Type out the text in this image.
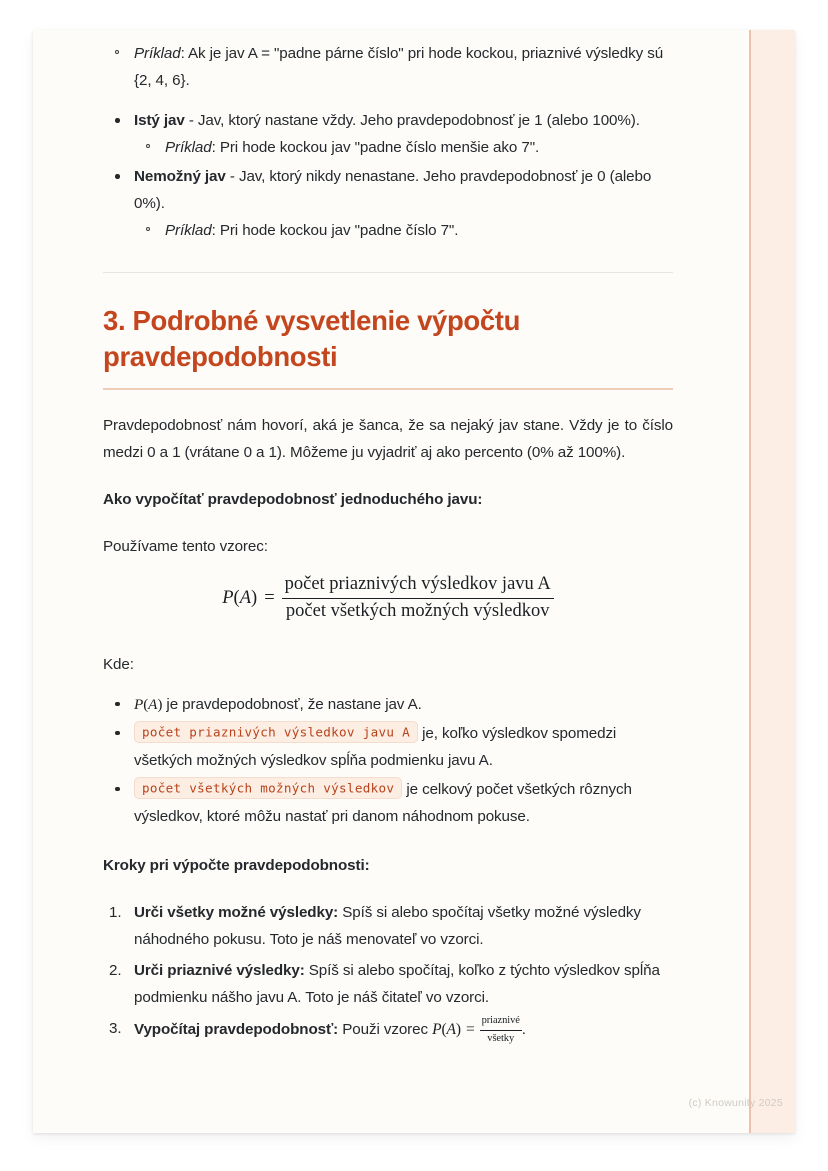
Príklad: Ak je jav A = "padne párne číslo" pri hode kockou, priaznivé výsledky sú {2, 4, 6}.
Istý jav - Jav, ktorý nastane vždy. Jeho pravdepodobnosť je 1 (alebo 100%).
Príklad: Pri hode kockou jav "padne číslo menšie ako 7".
Nemožný jav - Jav, ktorý nikdy nenastane. Jeho pravdepodobnosť je 0 (alebo 0%).
Príklad: Pri hode kockou jav "padne číslo 7".
3. Podrobné vysvetlenie výpočtu pravdepodobnosti

Pravdepodobnosť nám hovorí, aká je šanca, že sa nejaký jav stane. Vždy je to číslo medzi 0 a 1 (vrátane 0 a 1). Môžeme ju vyjadriť aj ako percento (0% až 100%).

Ako vypočítať pravdepodobnosť jednoduchého javu:

Používame tento vzorec:

$P(A) = \frac{\text{počet priaznivých výsledkov javu A}}{\text{počet všetkých možných výsledkov}}$

Kde:

P(A) je pravdepodobnosť, že nastane jav A.
počet priaznivých výsledkov javu A je, koľko výsledkov spomedzi všetkých možných výsledkov spĺňa podmienku javu A.
počet všetkých možných výsledkov je celkový počet všetkých rôznych výsledkov, ktoré môžu nastať pri danom náhodnom pokuse.

Kroky pri výpočte pravdepodobnosti:

Urči všetky možné výsledky: Spíš si alebo spočítaj všetky možné výsledky náhodného pokusu. Toto je náš menovateľ vo vzorci.
Urči priaznivé výsledky: Spíš si alebo spočítaj, koľko z týchto výsledkov spĺňa podmienku nášho javu A. Toto je náš čitateľ vo vzorci.
Vypočítaj pravdepodobnosť: Použi vzorec $P(A) = \frac{\text{priaznivé}}{\text{všetky}}$ .
(c) Knowunity 2025
